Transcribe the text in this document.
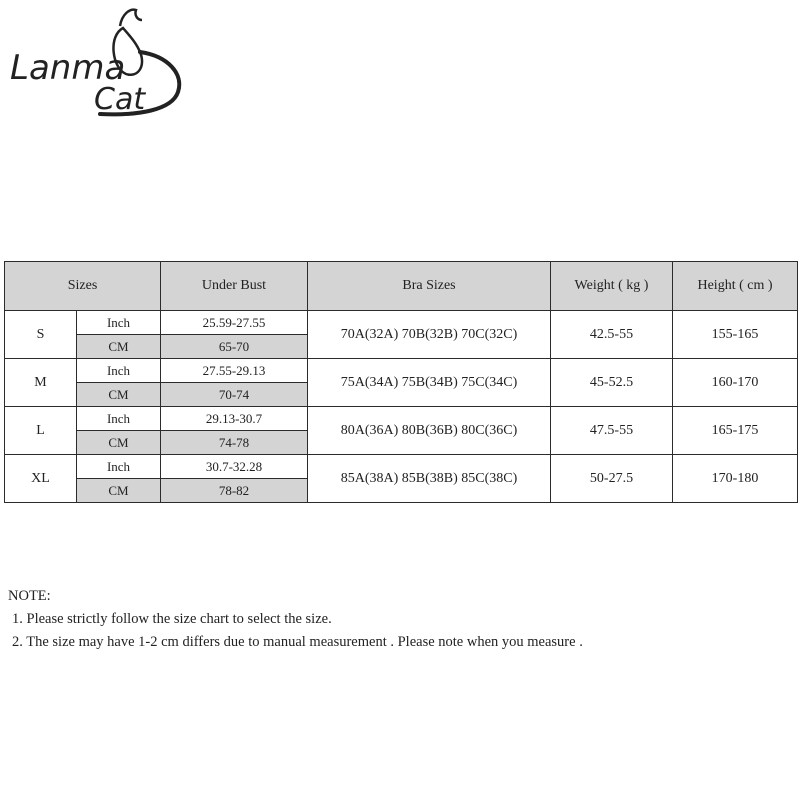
Lanma
Cat
Sizes		Under Bust	Bra Sizes	Weight ( kg )	Height ( cm )
S	Inch	25.59-27.55	70A(32A) 70B(32B) 70C(32C)	42.5-55	155-165
	CM	65-70			
M	Inch	27.55-29.13	75A(34A) 75B(34B) 75C(34C)	45-52.5	160-170
	CM	70-74			
L	Inch	29.13-30.7	80A(36A) 80B(36B) 80C(36C)	47.5-55	165-175
	CM	74-78			
XL	Inch	30.7-32.28	85A(38A) 85B(38B) 85C(38C)	50-27.5	170-180
	CM	78-82			
NOTE:
1. Please strictly follow the size chart to select the size.
2. The size may have 1-2 cm differs due to manual measurement . Please note when you measure .
